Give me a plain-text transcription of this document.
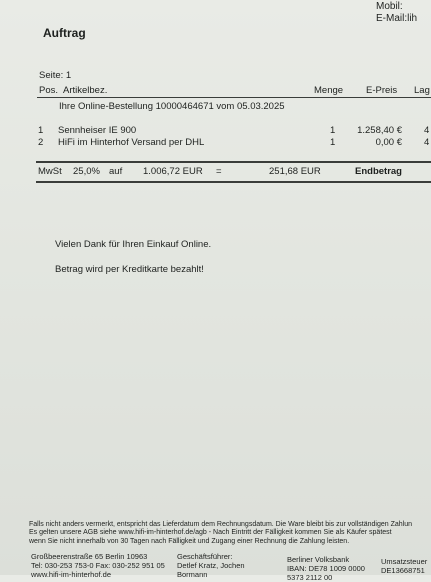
Mobil:
E-Mail:lih
Auftrag
Seite: 1
Pos. Artikelbez.	Menge E-Preis Lag
Ihre Online-Bestellung 10000464671 vom 05.03.2025
1 Sennheiser IE 900	1	1.258,40 € 4
2 HiFi im Hinterhof Versand per DHL	1	0,00 € 4
MwSt 25,0% auf 1.006,72 EUR =	251,68 EUR	Endbetrag
Vielen Dank für Ihren Einkauf Online.
Betrag wird per Kreditkarte bezahlt!
Falls nicht anders vermerkt, entspricht das Lieferdatum dem Rechnungsdatum. Die Ware bleibt bis zur vollständigen Zahlun
Es gelten unsere AGB siehe www.hifi-im-hinterhof.de/agb - Nach Eintritt der Fälligkeit kommen Sie als Käufer spätest
wenn Sie nicht innerhalb von 30 Tagen nach Fälligkeit und Zugang einer Rechnung die Zahlung leisten.
Großbeerenstraße 65 Berlin 10963
Tel: 030-253 753-0 Fax: 030-252 951 05
www.hifi-im-hinterhof.de
Geschäftsführer:
Detlef Kratz, Jochen
Bormann
Berliner Volksbank
IBAN: DE78 1009 0000
5373 2112 00
Umsatzsteuer
DE13668751
